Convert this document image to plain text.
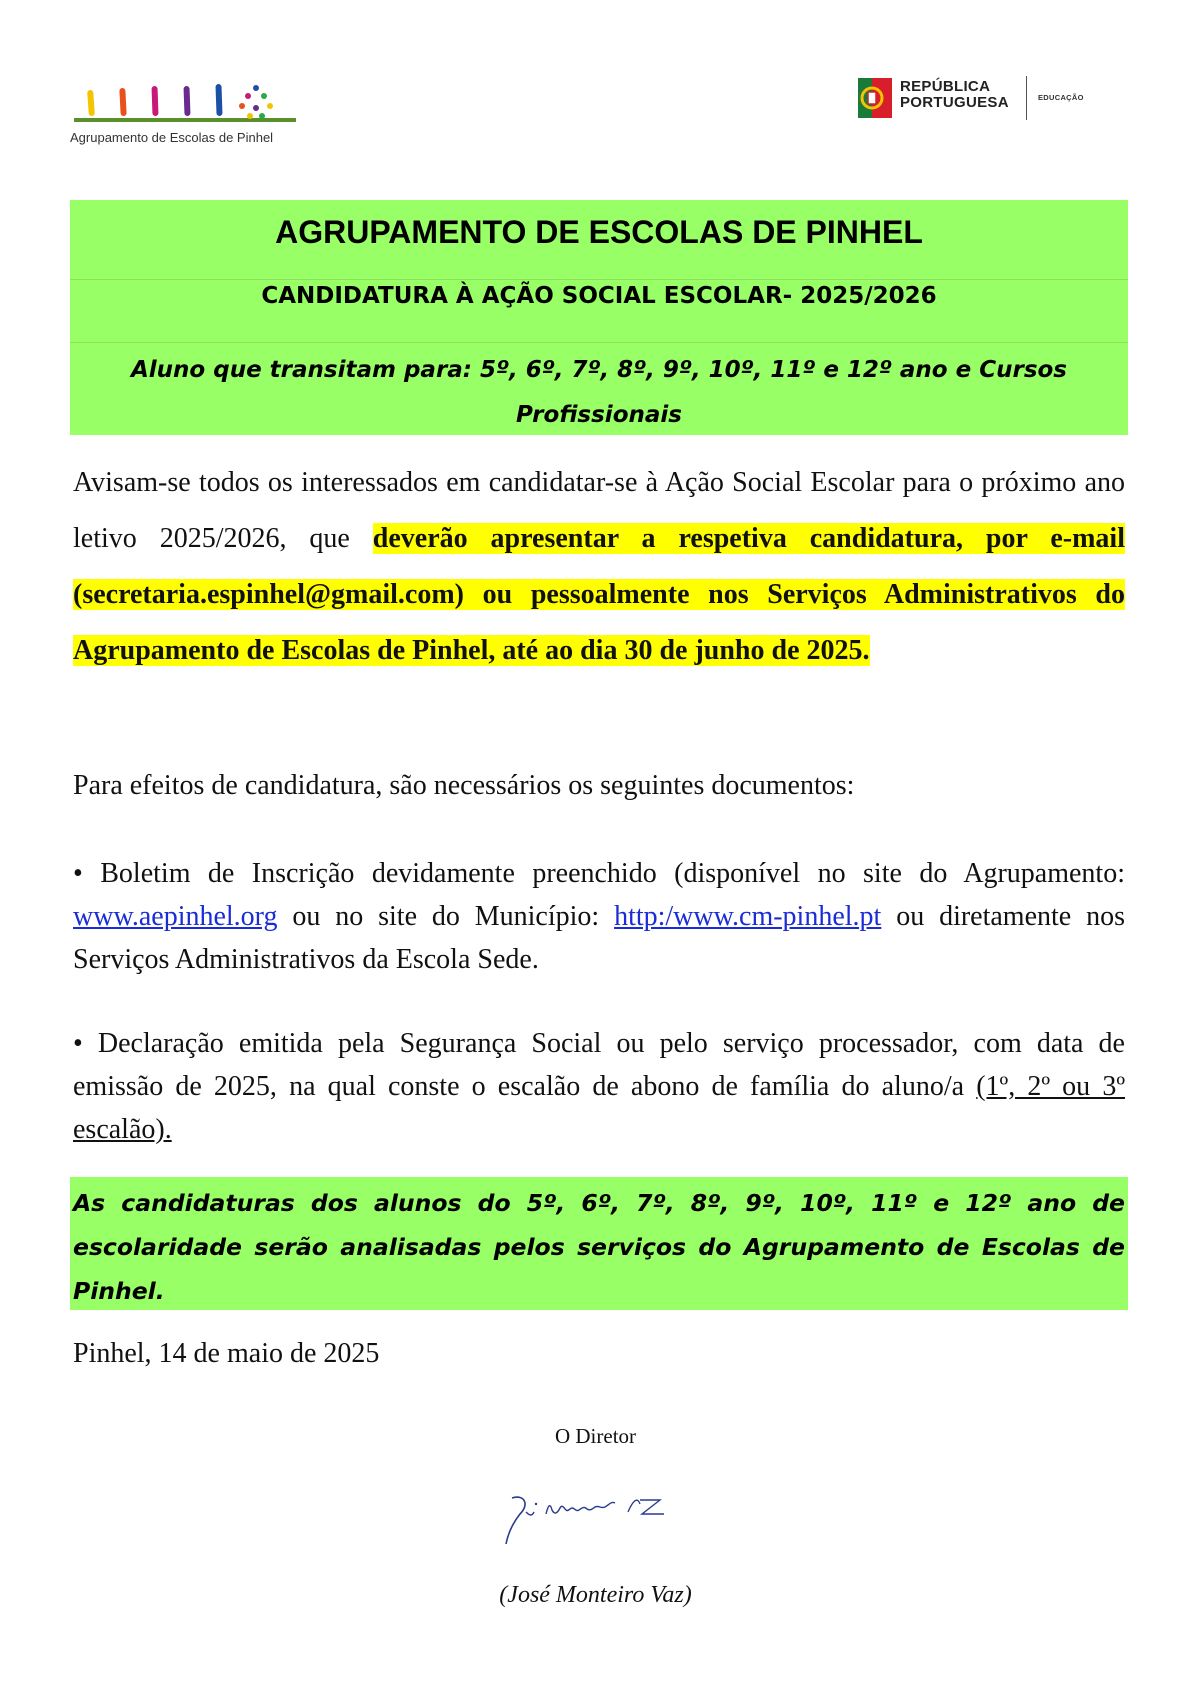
Agrupamento de Escolas de Pinhel
REPÚBLICA
PORTUGUESA	EDUCAÇÃO
AGRUPAMENTO DE ESCOLAS DE PINHEL
CANDIDATURA À AÇÃO SOCIAL ESCOLAR- 2025/2026
Aluno que transitam para: 5º, 6º, 7º, 8º, 9º, 10º, 11º e 12º ano e Cursos Profissionais

Avisam-se todos os interessados em candidatar-se à Ação Social Escolar para o próximo ano letivo 2025/2026, que deverão apresentar a respetiva candidatura, por e-mail (secretaria.espinhel@gmail.com) ou pessoalmente nos Serviços Administrativos do Agrupamento de Escolas de Pinhel, até ao dia 30 de junho de 2025.

Para efeitos de candidatura, são necessários os seguintes documentos:

• Boletim de Inscrição devidamente preenchido (disponível no site do Agrupamento: www.aepinhel.org ou no site do Município: http:/www.cm-pinhel.pt ou diretamente nos Serviços Administrativos da Escola Sede.

• Declaração emitida pela Segurança Social ou pelo serviço processador, com data de emissão de 2025, na qual conste o escalão de abono de família do aluno/a (1º, 2º ou 3º escalão).

As candidaturas dos alunos do 5º, 6º, 7º, 8º, 9º, 10º, 11º e 12º ano de escolaridade serão analisadas pelos serviços do Agrupamento de Escolas de Pinhel.

Pinhel, 14 de maio de 2025
O Diretor
(José Monteiro Vaz)
